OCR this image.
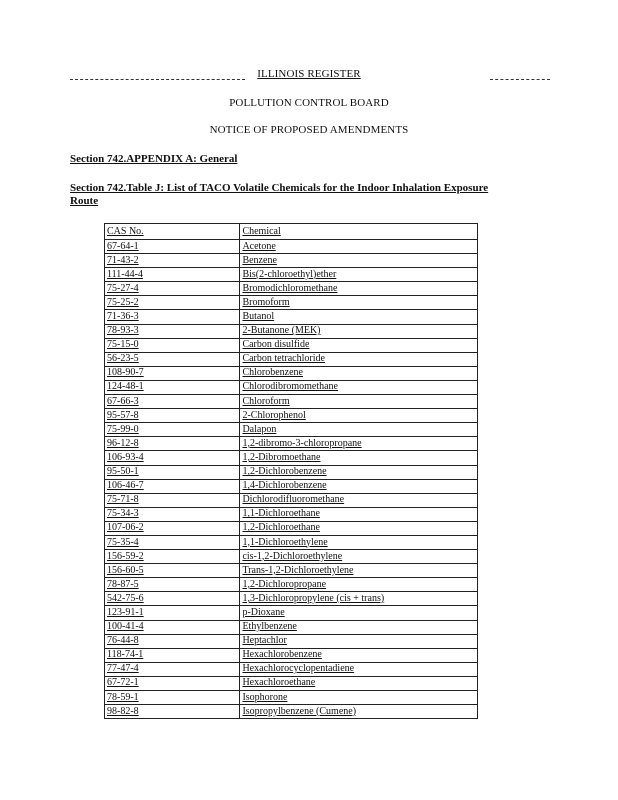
ILLINOIS REGISTER
POLLUTION CONTROL BOARD
NOTICE OF PROPOSED AMENDMENTS
Section 742.APPENDIX A: General
Section 742.Table J: List of TACO Volatile Chemicals for the Indoor Inhalation Exposure Route
CAS No.	Chemical
67-64-1	Acetone
71-43-2	Benzene
111-44-4	Bis(2-chloroethyl)ether
75-27-4	Bromodichloromethane
75-25-2	Bromoform
71-36-3	Butanol
78-93-3	2-Butanone (MEK)
75-15-0	Carbon disulfide
56-23-5	Carbon tetrachloride
108-90-7	Chlorobenzene
124-48-1	Chlorodibromomethane
67-66-3	Chloroform
95-57-8	2-Chlorophenol
75-99-0	Dalapon
96-12-8	1,2-dibromo-3-chloropropane
106-93-4	1,2-Dibromoethane
95-50-1	1,2-Dichlorobenzene
106-46-7	1,4-Dichlorobenzene
75-71-8	Dichlorodifluoromethane
75-34-3	1,1-Dichloroethane
107-06-2	1,2-Dichloroethane
75-35-4	1,1-Dichloroethylene
156-59-2	cis-1,2-Dichloroethylene
156-60-5	Trans-1,2-Dichloroethylene
78-87-5	1,2-Dichloropropane
542-75-6	1,3-Dichloropropylene (cis + trans)
123-91-1	p-Dioxane
100-41-4	Ethylbenzene
76-44-8	Heptachlor
118-74-1	Hexachlorobenzene
77-47-4	Hexachlorocyclopentadiene
67-72-1	Hexachloroethane
78-59-1	Isophorone
98-82-8	Isopropylbenzene (Cumene)
